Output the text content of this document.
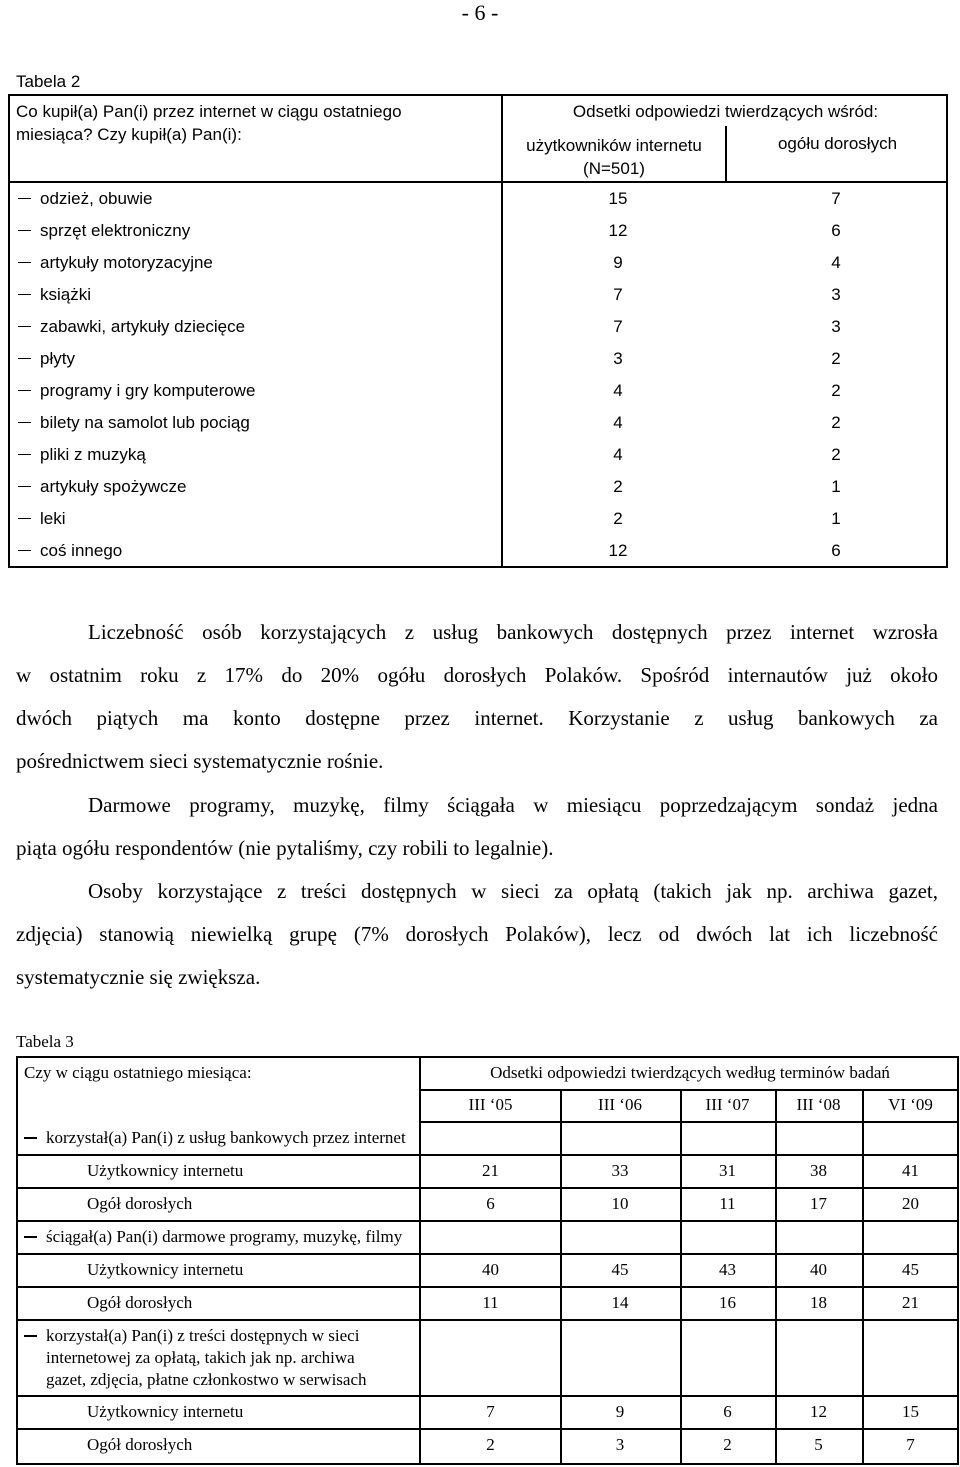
- 6 -
Tabela 2
Co kupił(a) Pan(i) przez internet w ciągu ostatniego
miesiąca? Czy kupił(a) Pan(i):
Odsetki odpowiedzi twierdzących wśród:
użytkowników internetu
(N=501)
ogółu dorosłych
odzież, obuwie	15	7
sprzęt elektroniczny	12	6
artykuły motoryzacyjne	9	4
książki	7	3
zabawki, artykuły dziecięce	7	3
płyty	3	2
programy i gry komputerowe	4	2
bilety na samolot lub pociąg	4	2
pliki z muzyką	4	2
artykuły spożywcze	2	1
leki	2	1
coś innego	12	6
Liczebność osób korzystających z usług bankowych dostępnych przez internet wzrosła
w ostatnim roku z 17% do 20% ogółu dorosłych Polaków. Spośród internautów już około
dwóch piątych ma konto dostępne przez internet. Korzystanie z usług bankowych za
pośrednictwem sieci systematycznie rośnie.
Darmowe programy, muzykę, filmy ściągała w miesiącu poprzedzającym sondaż jedna
piąta ogółu respondentów (nie pytaliśmy, czy robili to legalnie).
Osoby korzystające z treści dostępnych w sieci za opłatą (takich jak np. archiwa gazet,
zdjęcia) stanowią niewielką grupę (7% dorosłych Polaków), lecz od dwóch lat ich liczebność
systematycznie się zwiększa.
Tabela 3
Czy w ciągu ostatniego miesiąca:	Odsetki odpowiedzi twierdzących według terminów badań
III ‘05	III ‘06	III ‘07	III ‘08	VI ‘09
korzystał(a) Pan(i) z usług bankowych przez internet
Użytkownicy internetu	21	33	31	38	41
Ogół dorosłych	6	10	11	17	20
ściągał(a) Pan(i) darmowe programy, muzykę, filmy
Użytkownicy internetu	40	45	43	40	45
Ogół dorosłych	11	14	16	18	21
korzystał(a) Pan(i) z treści dostępnych w sieci
internetowej za opłatą, takich jak np. archiwa
gazet, zdjęcia, płatne członkostwo w serwisach
Użytkownicy internetu	7	9	6	12	15
Ogół dorosłych	2	3	2	5	7
